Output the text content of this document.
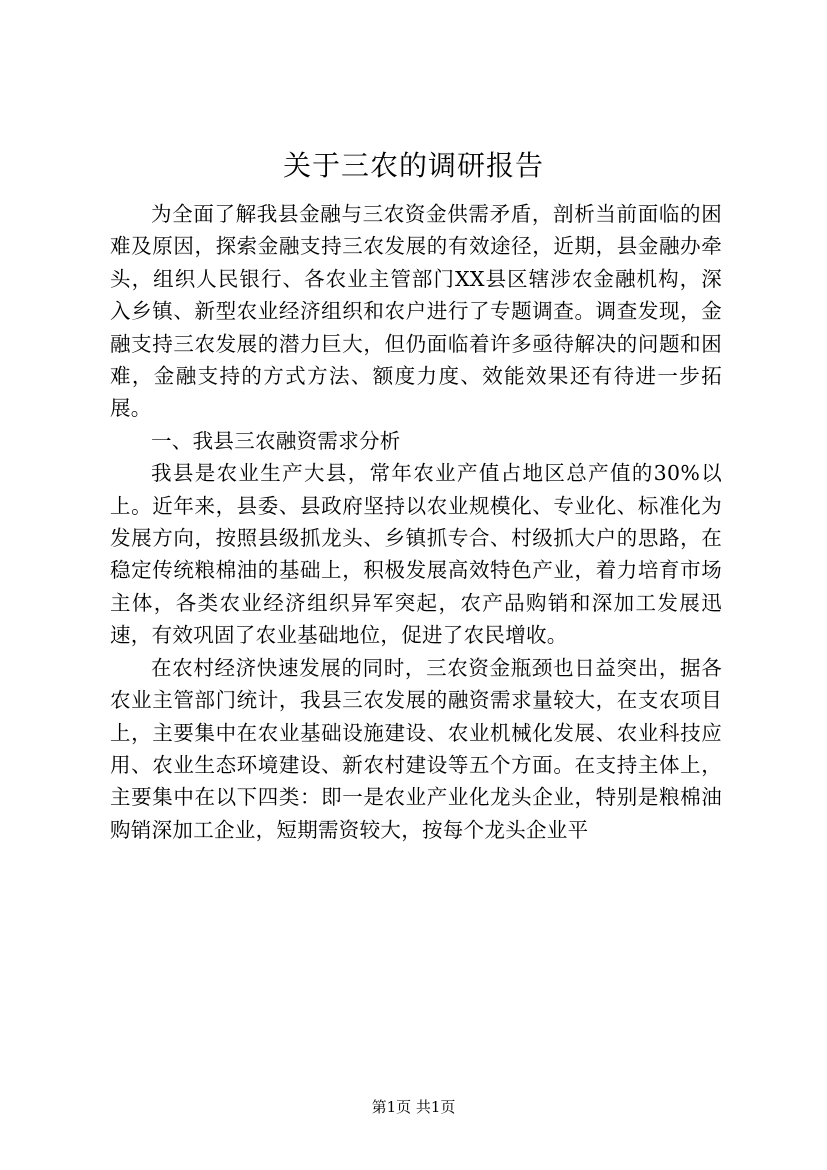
关于三农的调研报告

为全面了解我县金融与三农资金供需矛盾，剖析当前面临的困难及原因，探索金融支持三农发展的有效途径，近期，县金融办牵头，组织人民银行、各农业主管部门XX县区辖涉农金融机构，深入乡镇、新型农业经济组织和农户进行了专题调查。调查发现，金融支持三农发展的潜力巨大，但仍面临着许多亟待解决的问题和困难，金融支持的方式方法、额度力度、效能效果还有待进一步拓展。

一、我县三农融资需求分析

我县是农业生产大县，常年农业产值占地区总产值的30%以上。近年来，县委、县政府坚持以农业规模化、专业化、标准化为发展方向，按照县级抓龙头、乡镇抓专合、村级抓大户的思路，在稳定传统粮棉油的基础上，积极发展高效特色产业，着力培育市场主体，各类农业经济组织异军突起，农产品购销和深加工发展迅速，有效巩固了农业基础地位，促进了农民增收。

在农村经济快速发展的同时，三农资金瓶颈也日益突出，据各农业主管部门统计，我县三农发展的融资需求量较大，在支农项目上，主要集中在农业基础设施建设、农业机械化发展、农业科技应用、农业生态环境建设、新农村建设等五个方面。在支持主体上，主要集中在以下四类：即一是农业产业化龙头企业，特别是粮棉油购销深加工企业，短期需资较大，按每个龙头企业平

第1页 共1页
